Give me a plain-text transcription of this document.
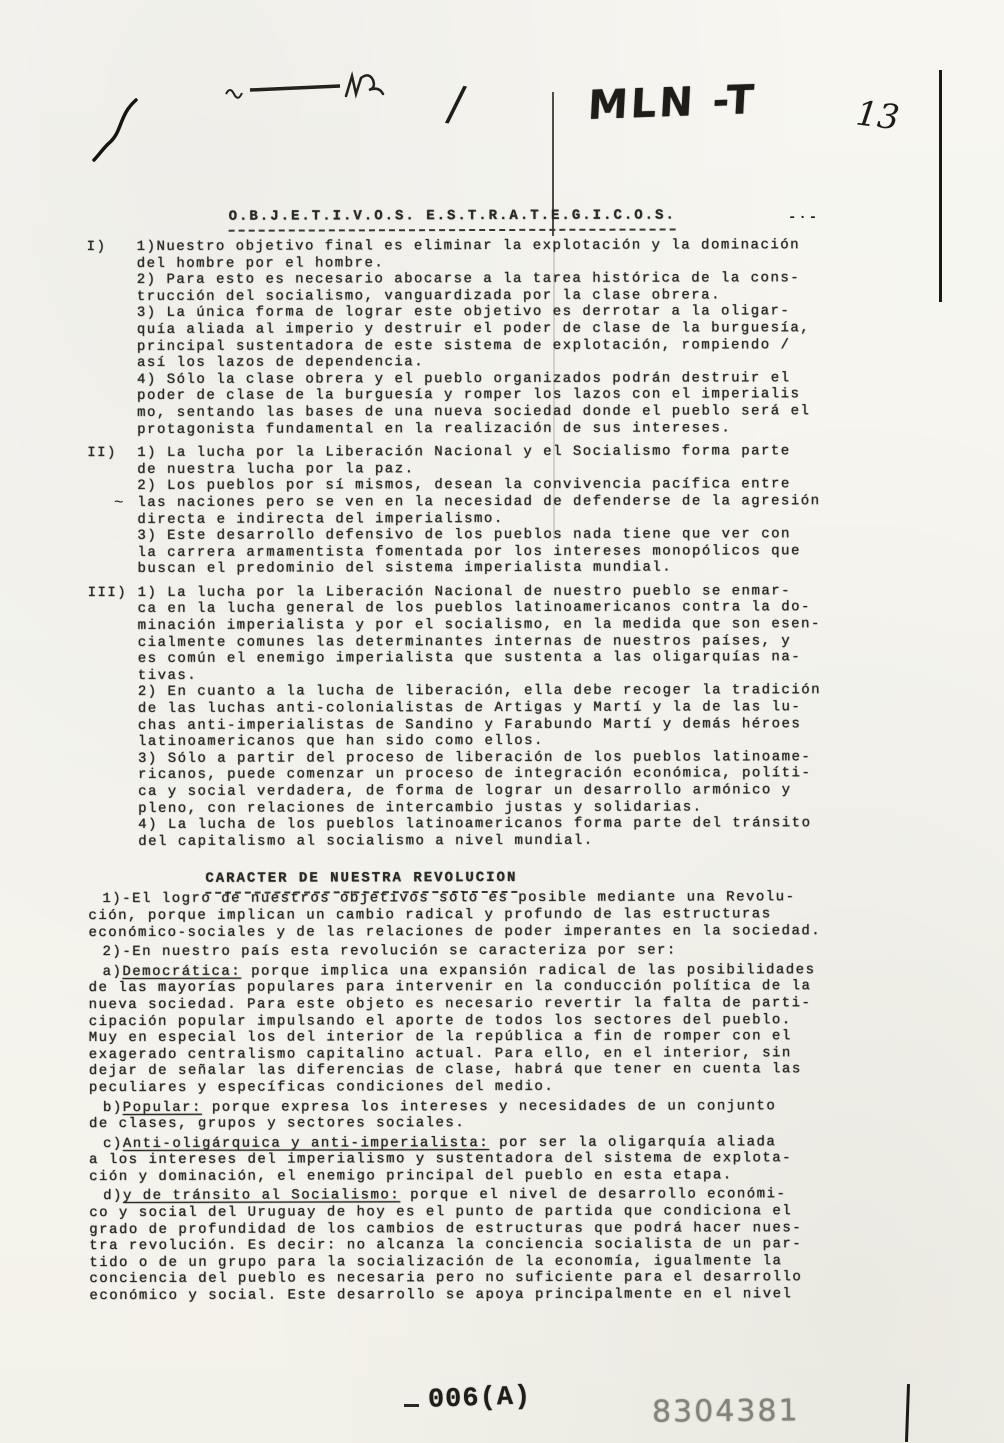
/	MLN -T	13
-·-
~
O.B.J.E.T.I.V.O.S. E.S.T.R.A.T.E.G.I.C.O.S.
I)	1)Nuestro objetivo final es eliminar la explotación y la dominación
del hombre por el hombre.
2) Para esto es necesario abocarse a la tarea histórica de la cons-
trucción del socialismo, vanguardizada por la clase obrera.
3) La única forma de lograr este objetivo es derrotar a la oligar-
quía aliada al imperio y destruir el poder de clase de la burguesía,
principal sustentadora de este sistema de explotación, rompiendo /
así los lazos de dependencia.
4) Sólo la clase obrera y el pueblo organizados podrán destruir el
poder de clase de la burguesía y romper los lazos con el imperialis
mo, sentando las bases de una nueva sociedad donde el pueblo será el
protagonista fundamental en la realización de sus intereses.
II)	1) La lucha por la Liberación Nacional y el Socialismo forma parte
de nuestra lucha por la paz.
2) Los pueblos por sí mismos, desean la convivencia pacífica entre
las naciones pero se ven en la necesidad de defenderse de la agresión
directa e indirecta del imperialismo.
3) Este desarrollo defensivo de los pueblos nada tiene que ver con
la carrera armamentista fomentada por los intereses monopólicos que
buscan el predominio del sistema imperialista mundial.
III) 1) La lucha por la Liberación Nacional de nuestro pueblo se enmar-
ca en la lucha general de los pueblos latinoamericanos contra la do-
minación imperialista y por el socialismo, en la medida que son esen-
cialmente comunes las determinantes internas de nuestros países, y
es común el enemigo imperialista que sustenta a las oligarquías na-
tivas.
2) En cuanto a la lucha de liberación, ella debe recoger la tradición
de las luchas anti-colonialistas de Artigas y Martí y la de las lu-
chas anti-imperialistas de Sandino y Farabundo Martí y demás héroes
latinoamericanos que han sido como ellos.
3) Sólo a partir del proceso de liberación de los pueblos latinoame-
ricanos, puede comenzar un proceso de integración económica, políti-
ca y social verdadera, de forma de lograr un desarrollo armónico y
pleno, con relaciones de intercambio justas y solidarias.
4) La lucha de los pueblos latinoamericanos forma parte del tránsito
del capitalismo al socialismo a nivel mundial.
CARACTER DE NUESTRA REVOLUCION
1)-El logro de nuestros objetivos sólo es posible mediante una Revolu-
ción, porque implican un cambio radical y profundo de las estructuras
económico-sociales y de las relaciones de poder imperantes en la sociedad.
2)-En nuestro país esta revolución se caracteriza por ser:
a)Democrática: porque implica una expansión radical de las posibilidades
de las mayorías populares para intervenir en la conducción política de la
nueva sociedad. Para este objeto es necesario revertir la falta de parti-
cipación popular impulsando el aporte de todos los sectores del pueblo.
Muy en especial los del interior de la república a fin de romper con el
exagerado centralismo capitalino actual. Para ello, en el interior, sin
dejar de señalar las diferencias de clase, habrá que tener en cuenta las
peculiares y específicas condiciones del medio.
b)Popular: porque expresa los intereses y necesidades de un conjunto
de clases, grupos y sectores sociales.
c)Anti-oligárquica y anti-imperialista: por ser la oligarquía aliada
a los intereses del imperialismo y sustentadora del sistema de explota-
ción y dominación, el enemigo principal del pueblo en esta etapa.
d)y de tránsito al Socialismo: porque el nivel de desarrollo económi-
co y social del Uruguay de hoy es el punto de partida que condiciona el
grado de profundidad de los cambios de estructuras que podrá hacer nues-
tra revolución. Es decir: no alcanza la conciencia socialista de un par-
tido o de un grupo para la socialización de la economía, igualmente la
conciencia del pueblo es necesaria pero no suficiente para el desarrollo
económico y social. Este desarrollo se apoya principalmente en el nivel
006(A)	8304381
